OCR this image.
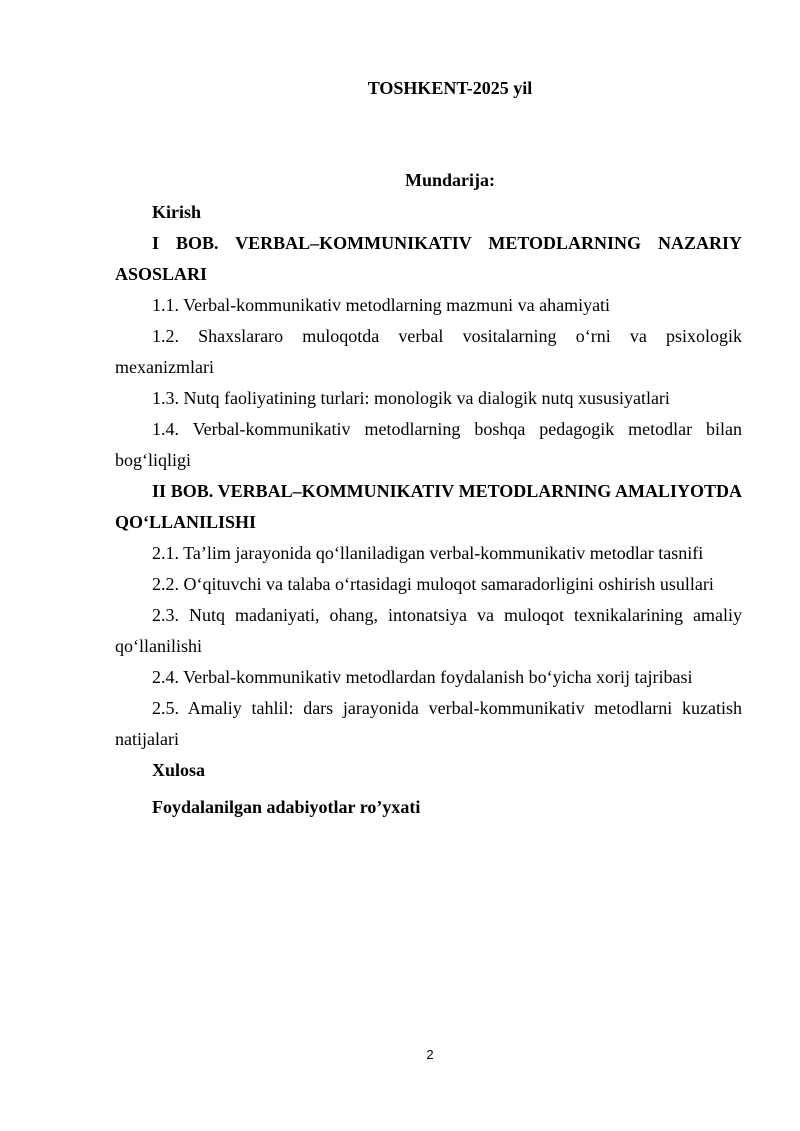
TOSHKENT-2025 yil
Mundarija:

Kirish

I BOB. VERBAL–KOMMUNIKATIV METODLARNING NAZARIY ASOSLARI

1.1. Verbal-kommunikativ metodlarning mazmuni va ahamiyati

1.2. Shaxslararo muloqotda verbal vositalarning o‘rni va psixologik mexanizmlari

1.3. Nutq faoliyatining turlari: monologik va dialogik nutq xususiyatlari

1.4. Verbal-kommunikativ metodlarning boshqa pedagogik metodlar bilan bog‘liqligi

II BOB. VERBAL–KOMMUNIKATIV METODLARNING AMALIYOTDA QO‘LLANILISHI

2.1. Ta’lim jarayonida qo‘llaniladigan verbal-kommunikativ metodlar tasnifi

2.2. O‘qituvchi va talaba o‘rtasidagi muloqot samaradorligini oshirish usullari

2.3. Nutq madaniyati, ohang, intonatsiya va muloqot texnikalarining amaliy qo‘llanilishi

2.4. Verbal-kommunikativ metodlardan foydalanish bo‘yicha xorij tajribasi

2.5. Amaliy tahlil: dars jarayonida verbal-kommunikativ metodlarni kuzatish natijalari

Xulosa

Foydalanilgan adabiyotlar ro’yxati

2
